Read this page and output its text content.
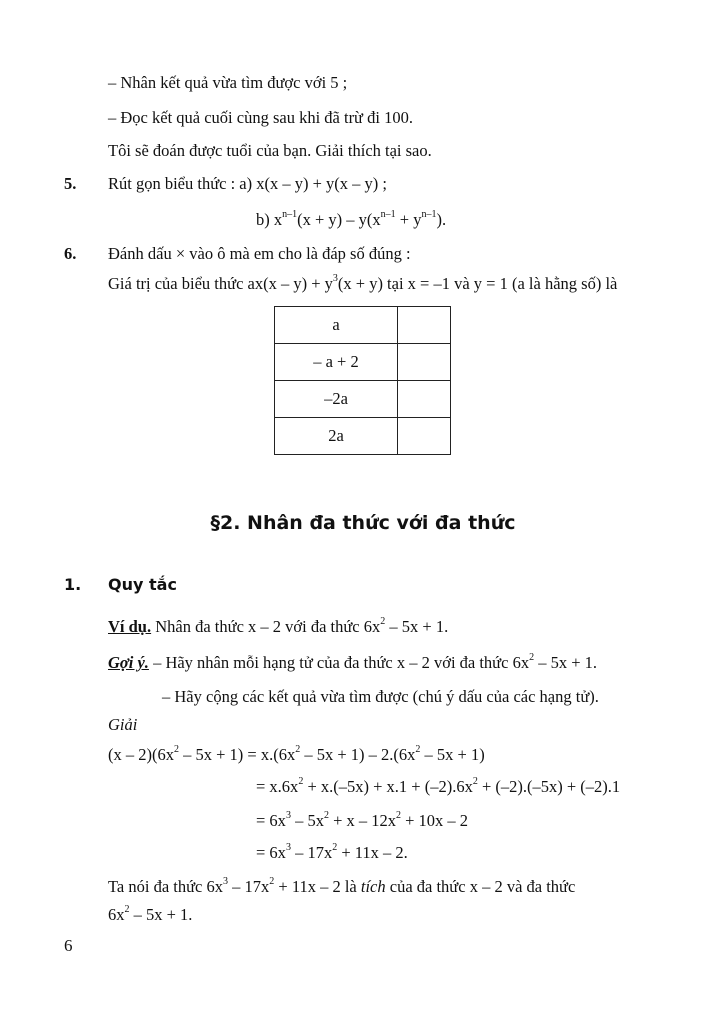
– Nhân kết quả vừa tìm được với 5 ;
– Đọc kết quả cuối cùng sau khi đã trừ đi 100.
Tôi sẽ đoán được tuổi của bạn. Giải thích tại sao.
5. Rút gọn biểu thức : a) x(x – y) + y(x – y) ;
b) $x^{n-1}(x + y) - y(x^{n-1} + y^{n-1})$.
6. Đánh dấu × vào ô mà em cho là đáp số đúng :
Giá trị của biểu thức $ax(x - y) + y^3(x + y)$ tại x = –1 và y = 1 (a là hằng số) là
a	
– a + 2	
–2a	
2a	
§2. Nhân đa thức với đa thức
1. Quy tắc
Ví dụ. Nhân đa thức x – 2 với đa thức $6x^2 - 5x + 1$.
Gợi ý. – Hãy nhân mỗi hạng tử của đa thức x – 2 với đa thức $6x^2 - 5x + 1$.
– Hãy cộng các kết quả vừa tìm được (chú ý dấu của các hạng tử).
Giải
$(x - 2)(6x^2 - 5x + 1) = x.(6x^2 - 5x + 1) - 2.(6x^2 - 5x + 1)$
= $x.6x^2 + x.(-5x) + x.1 + (-2).6x^2 + (-2).(-5x) + (-2).1$
= $6x^3 - 5x^2 + x - 12x^2 + 10x - 2$
= $6x^3 - 17x^2 + 11x - 2$.
Ta nói đa thức $6x^3 - 17x^2 + 11x - 2$ là tích của đa thức x – 2 và đa thức
$6x^2 - 5x + 1$.
6
